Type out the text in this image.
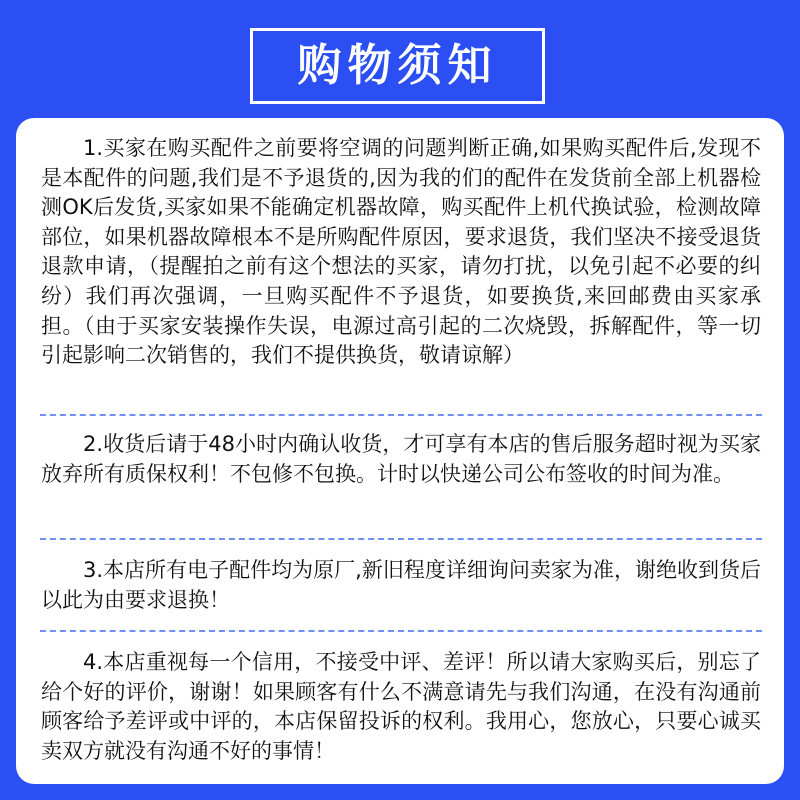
购物须知

1.买家在购买配件之前要将空调的问题判断正确,如果购买配件后,发现不是本配件的问题,我们是不予退货的,因为我的们的配件在发货前全部上机器检测OK后发货,买家如果不能确定机器故障，购买配件上机代换试验，检测故障部位，如果机器故障根本不是所购配件原因，要求退货，我们坚决不接受退货退款申请，（提醒拍之前有这个想法的买家，请勿打扰，以免引起不必要的纠纷）我们再次强调，一旦购买配件不予退货，如要换货,来回邮费由买家承担。（由于买家安装操作失误，电源过高引起的二次烧毁，拆解配件，等一切引起影响二次销售的，我们不提供换货，敬请谅解）

2.收货后请于48小时内确认收货，才可享有本店的售后服务超时视为买家放弃所有质保权利！不包修不包换。计时以快递公司公布签收的时间为准。

3.本店所有电子配件均为原厂,新旧程度详细询问卖家为准，谢绝收到货后以此为由要求退换！

4.本店重视每一个信用，不接受中评、差评！所以请大家购买后，别忘了给个好的评价，谢谢！如果顾客有什么不满意请先与我们沟通，在没有沟通前顾客给予差评或中评的，本店保留投诉的权利。我用心，您放心，只要心诚买卖双方就没有沟通不好的事情！
